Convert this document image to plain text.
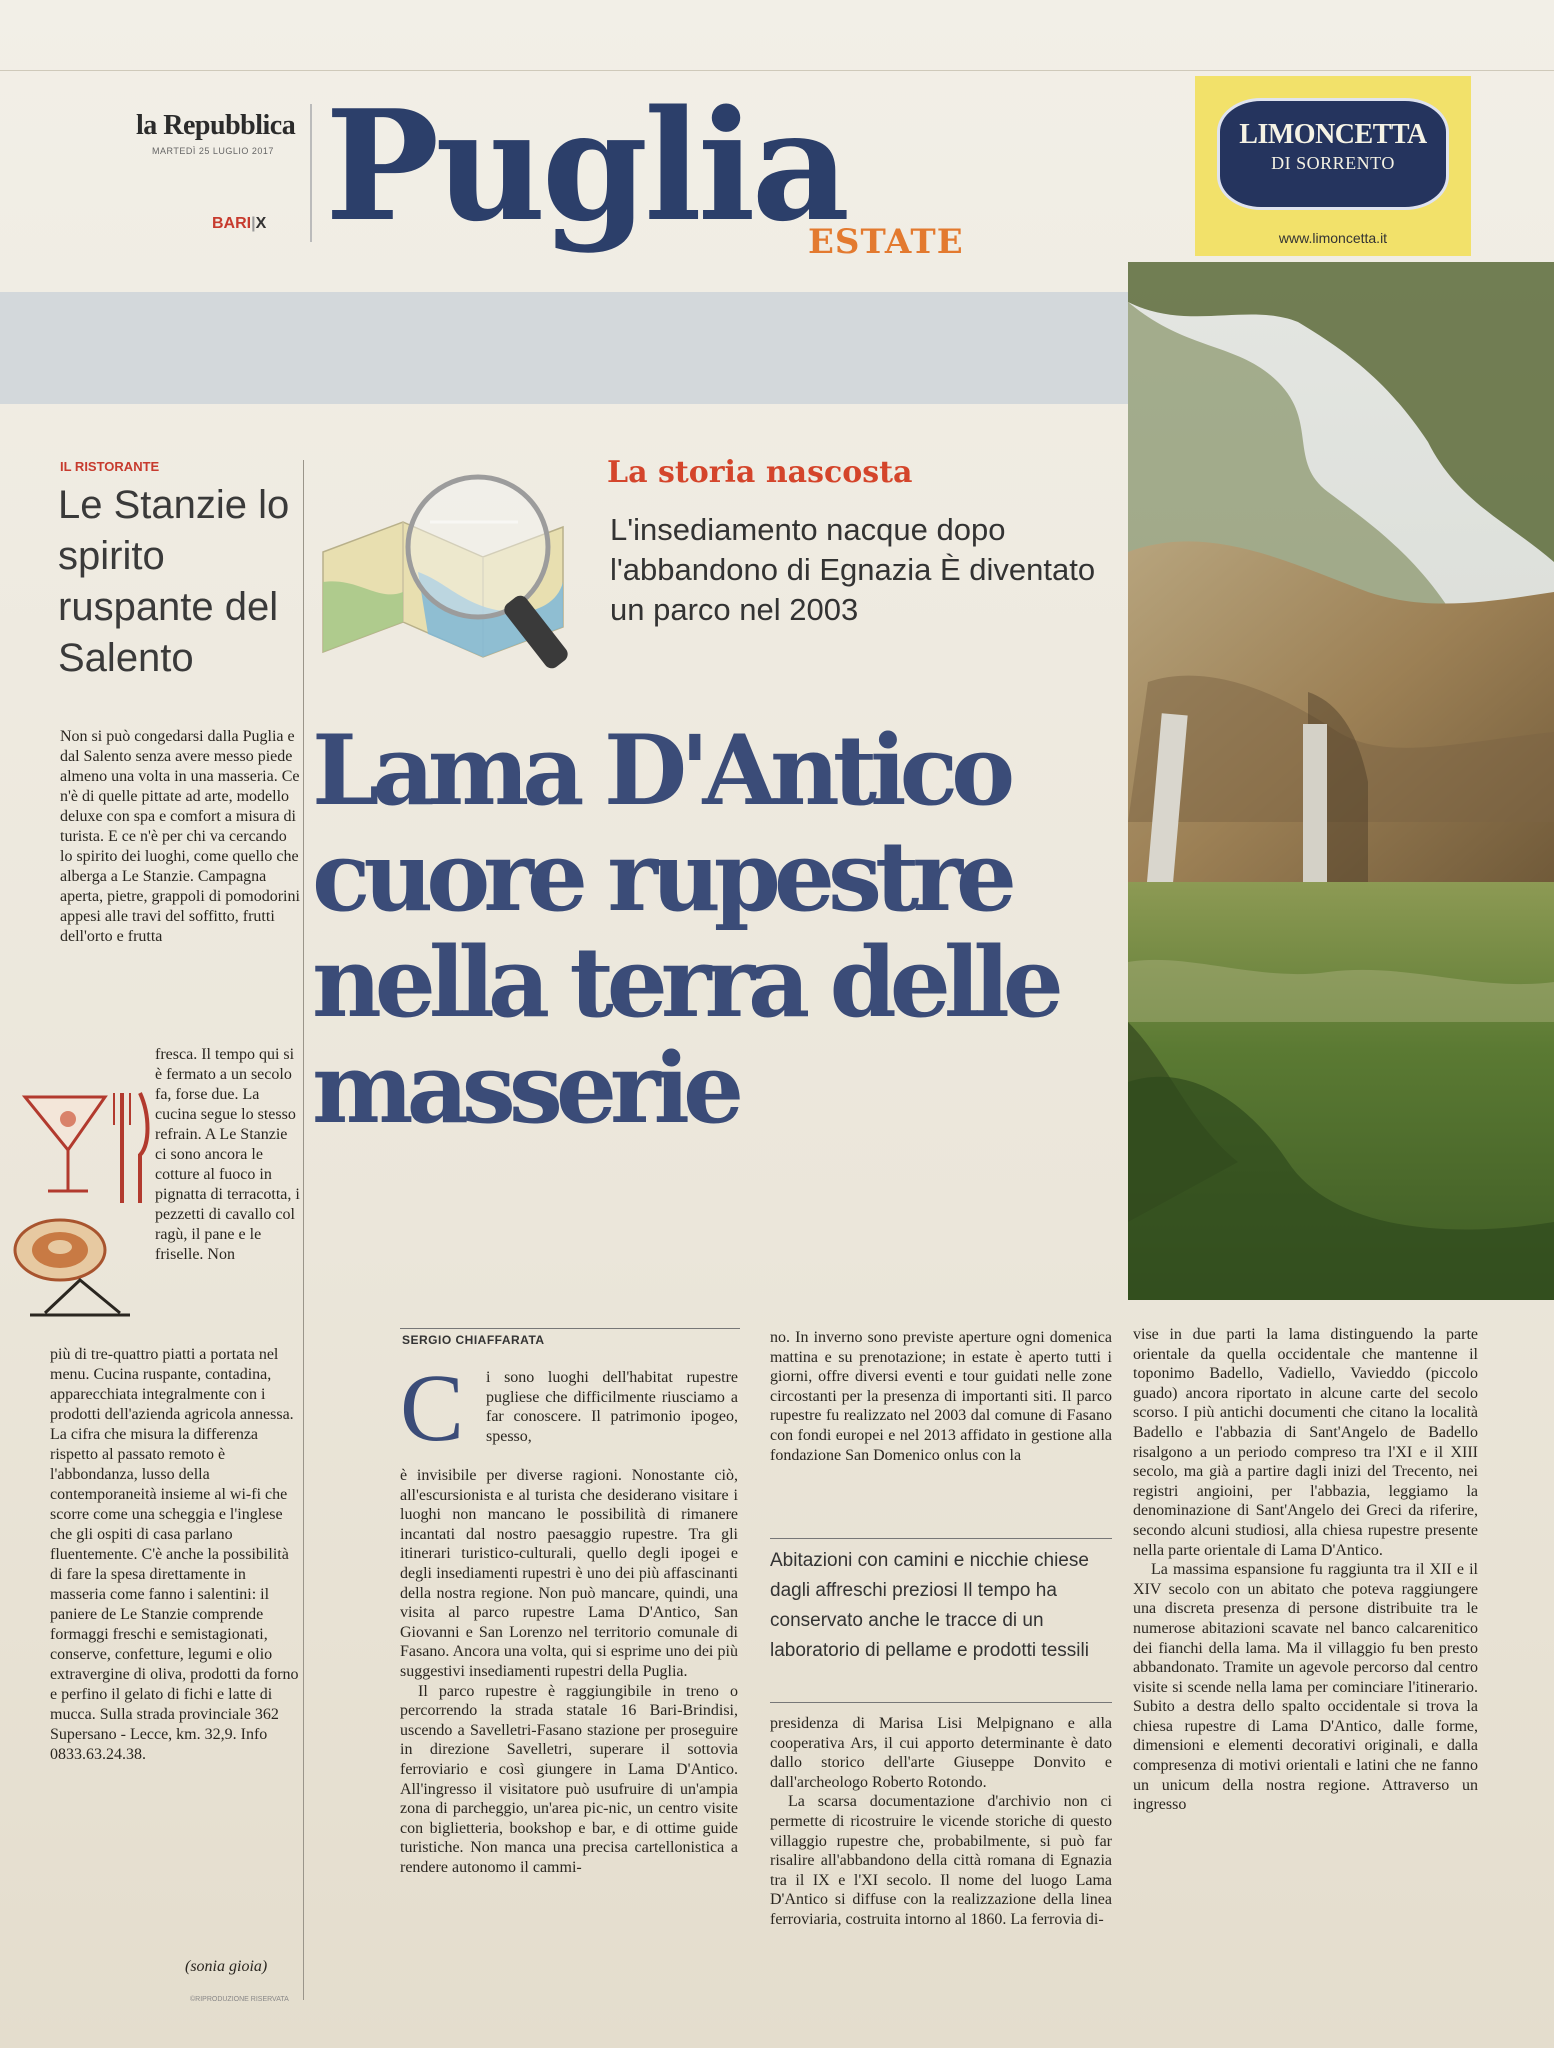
la Repubblica
MARTEDÌ 25 LUGLIO 2017
BARI|X Puglia
ESTATE
LIMONCETTA
DI SORRENTO
www.limoncetta.it
IL RISTORANTE
Le Stanzie lo spirito ruspante del Salento
Non si può congedarsi dalla Puglia e dal Salento senza avere messo piede almeno una volta in una masseria. Ce n'è di quelle pittate ad arte, modello deluxe con spa e comfort a misura di turista. E ce n'è per chi va cercando lo spirito dei luoghi, come quello che alberga a Le Stanzie. Campagna aperta, pietre, grappoli di pomodorini appesi alle travi del soffitto, frutti dell'orto e frutta
fresca. Il tempo qui si è fermato a un secolo fa, forse due. La cucina segue lo stesso refrain. A Le Stanzie ci sono ancora le cotture al fuoco in pignatta di terracotta, i pezzetti di cavallo col ragù, il pane e le friselle. Non
più di tre-quattro piatti a portata nel menu. Cucina ruspante, contadina, apparecchiata integralmente con i prodotti dell'azienda agricola annessa. La cifra che misura la differenza rispetto al passato remoto è l'abbondanza, lusso della contemporaneità insieme al wi-fi che scorre come una scheggia e l'inglese che gli ospiti di casa parlano fluentemente. C'è anche la possibilità di fare la spesa direttamente in masseria come fanno i salentini: il paniere de Le Stanzie comprende formaggi freschi e semistagionati, conserve, confetture, legumi e olio extravergine di oliva, prodotti da forno e perfino il gelato di fichi e latte di mucca. Sulla strada provinciale 362 Supersano - Lecce, km. 32,9. Info 0833.63.24.38.
(sonia gioia)
©RIPRODUZIONE RISERVATA
La storia nascosta
L'insediamento nacque dopo l'abbandono di Egnazia È diventato un parco nel 2003
Lama D'Antico cuore rupestre nella terra delle masserie
SERGIO CHIAFFARATA
C i sono luoghi dell'habitat rupestre pugliese che difficilmente riusciamo a far conoscere. Il patrimonio ipogeo, spesso,

è invisibile per diverse ragioni. Nonostante ciò, all'escursionista e al turista che desiderano visitare i luoghi non mancano le possibilità di rimanere incantati dal nostro paesaggio rupestre. Tra gli itinerari turistico-culturali, quello degli ipogei e degli insediamenti rupestri è uno dei più affascinanti della nostra regione. Non può mancare, quindi, una visita al parco rupestre Lama D'Antico, San Giovanni e San Lorenzo nel territorio comunale di Fasano. Ancora una volta, qui si esprime uno dei più suggestivi insediamenti rupestri della Puglia.

Il parco rupestre è raggiungibile in treno o percorrendo la strada statale 16 Bari-Brindisi, uscendo a Savelletri-Fasano stazione per proseguire in direzione Savelletri, superare il sottovia ferroviario e così giungere in Lama D'Antico. All'ingresso il visitatore può usufruire di un'ampia zona di parcheggio, un'area pic-nic, un centro visite con biglietteria, bookshop e bar, e di ottime guide turistiche. Non manca una precisa cartellonistica a rendere autonomo il cammi-

no. In inverno sono previste aperture ogni domenica mattina e su prenotazione; in estate è aperto tutti i giorni, offre diversi eventi e tour guidati nelle zone circostanti per la presenza di importanti siti. Il parco rupestre fu realizzato nel 2003 dal comune di Fasano con fondi europei e nel 2013 affidato in gestione alla fondazione San Domenico onlus con la

Abitazioni con camini e nicchie chiese dagli affreschi preziosi Il tempo ha conservato anche le tracce di un laboratorio di pellame e prodotti tessili

presidenza di Marisa Lisi Melpignano e alla cooperativa Ars, il cui apporto determinante è dato dallo storico dell'arte Giuseppe Donvito e dall'archeologo Roberto Rotondo.

La scarsa documentazione d'archivio non ci permette di ricostruire le vicende storiche di questo villaggio rupestre che, probabilmente, si può far risalire all'abbandono della città romana di Egnazia tra il IX e l'XI secolo. Il nome del luogo Lama D'Antico si diffuse con la realizzazione della linea ferroviaria, costruita intorno al 1860. La ferrovia di-

vise in due parti la lama distinguendo la parte orientale da quella occidentale che mantenne il toponimo Badello, Vadiello, Vavieddo (piccolo guado) ancora riportato in alcune carte del secolo scorso. I più antichi documenti che citano la località Badello e l'abbazia di Sant'Angelo de Badello risalgono a un periodo compreso tra l'XI e il XIII secolo, ma già a partire dagli inizi del Trecento, nei registri angioini, per l'abbazia, leggiamo la denominazione di Sant'Angelo dei Greci da riferire, secondo alcuni studiosi, alla chiesa rupestre presente nella parte orientale di Lama D'Antico.

La massima espansione fu raggiunta tra il XII e il XIV secolo con un abitato che poteva raggiungere una discreta presenza di persone distribuite tra le numerose abitazioni scavate nel banco calcarenitico dei fianchi della lama. Ma il villaggio fu ben presto abbandonato. Tramite un agevole percorso dal centro visite si scende nella lama per cominciare l'itinerario. Subito a destra dello spalto occidentale si trova la chiesa rupestre di Lama D'Antico, dalle forme, dimensioni e elementi decorativi originali, e dalla compresenza di motivi orientali e latini che ne fanno un unicum della nostra regione. Attraverso un ingresso
